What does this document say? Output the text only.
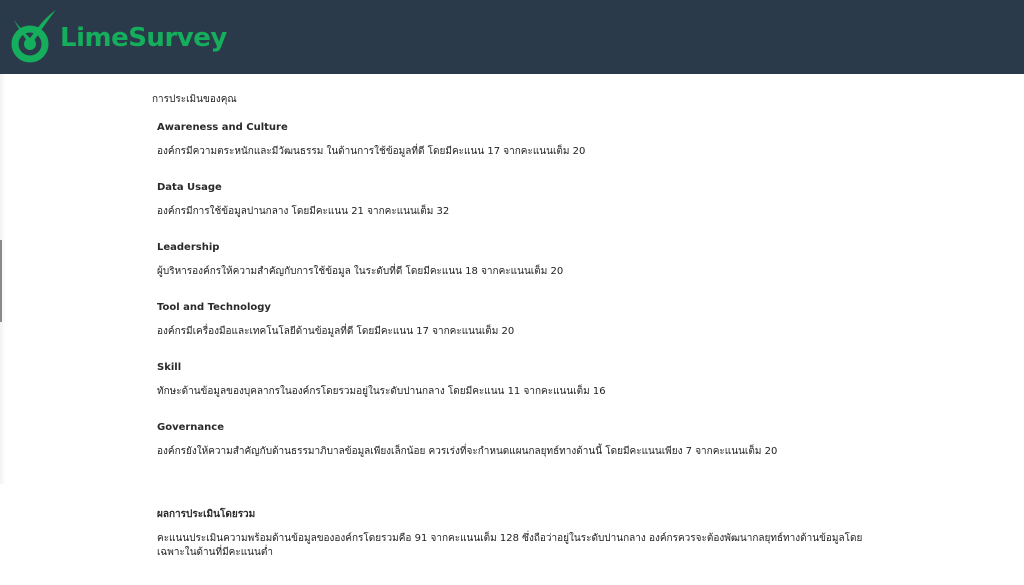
LimeSurvey
การประเมินของคุณ
Awareness and Culture
องค์กรมีความตระหนักและมีวัฒนธรรม ในด้านการใช้ข้อมูลที่ดี โดยมีคะแนน 17 จากคะแนนเต็ม 20
Data Usage
องค์กรมีการใช้ข้อมูลปานกลาง โดยมีคะแนน 21 จากคะแนนเต็ม 32
Leadership
ผู้บริหารองค์กรให้ความสำคัญกับการใช้ข้อมูล ในระดับที่ดี โดยมีคะแนน 18 จากคะแนนเต็ม 20
Tool and Technology
องค์กรมีเครื่องมือและเทคโนโลยีด้านข้อมูลที่ดี โดยมีคะแนน 17 จากคะแนนเต็ม 20
Skill
ทักษะด้านข้อมูลของบุคลากรในองค์กรโดยรวมอยู่ในระดับปานกลาง โดยมีคะแนน 11 จากคะแนนเต็ม 16
Governance
องค์กรยังให้ความสำคัญกับด้านธรรมาภิบาลข้อมูลเพียงเล็กน้อย ควรเร่งที่จะกำหนดแผนกลยุทธ์ทางด้านนี้ โดยมีคะแนนเพียง 7 จากคะแนนเต็ม 20
ผลการประเมินโดยรวม
คะแนนประเมินความพร้อมด้านข้อมูลขององค์กรโดยรวมคือ 91 จากคะแนนเต็ม 128 ซึ่งถือว่าอยู่ในระดับปานกลาง องค์กรควรจะต้องพัฒนากลยุทธ์ทางด้านข้อมูลโดยเฉพาะในด้านที่มีคะแนนต่ำ
